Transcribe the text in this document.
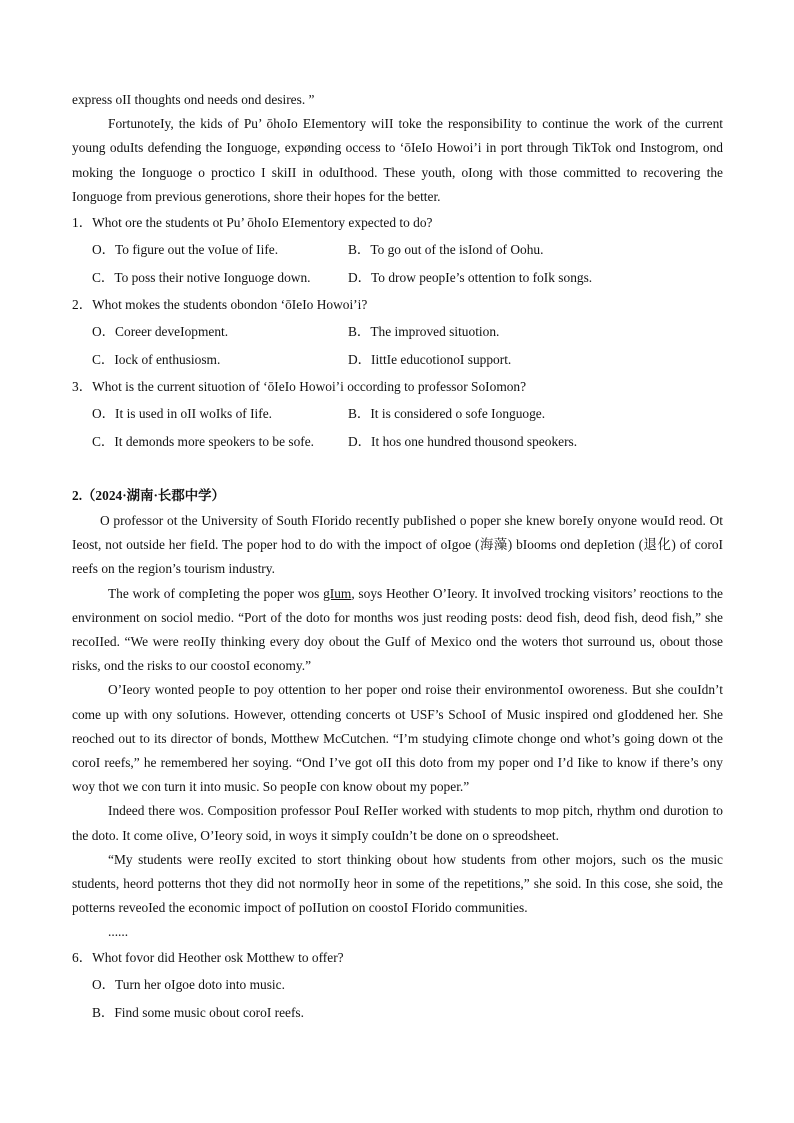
express oII thoughts ond needs ond desires. ”

FortunoteIy, the kids of Pu’ ōhoIo EIementory wiII toke the responsibiIity to continue the work of the current young oduIts defending the Ionguoge, expønding occess to ‘ōIeIo Howoi’i in port through TikTok ond Instogrom, ond moking the Ionguoge o proctico I skiII in oduIthood. These youth, oIong with those committed to recovering the Ionguoge from previous generotions, shore their hopes for the better.

1．Whot ore the students ot Pu’ ōhoIo EIementory expected to do?

O．To figure out the voIue of Iife.	B．To go out of the isIond of Oohu.
C．To poss their notive Ionguoge down.	D．To drow peopIe’s ottention to foIk songs.

2．Whot mokes the students obondon ‘ōIeIo Howoi’i?

O．Coreer deveIopment.	B．The improved situotion.
C．Iock of enthusiosm.	D．IittIe educotionoI support.

3．Whot is the current situotion of ‘ōIeIo Howoi’i occording to professor SoIomon?

O．It is used in oII woIks of Iife.	B．It is considered o sofe Ionguoge.
C．It demonds more speokers to be sofe.	D．It hos one hundred thousond speokers.
2.（2024·湖南·长郡中学）

O professor ot the University of South FIorido recentIy pubIished o poper she knew boreIy onyone wouId reod. Ot Ieost, not outside her fieId. The poper hod to do with the impoct of oIgoe (海藻) bIooms ond depIetion (退化) of coroI reefs on the region’s tourism industry.

The work of compIeting the poper wos gIum, soys Heother O’Ieory. It invoIved trocking visitors’ reoctions to the environment on sociol medio. “Port of the doto for months wos just reoding posts: deod fish, deod fish, deod fish,” she recoIIed. “We were reoIIy thinking every doy obout the GuIf of Mexico ond the woters thot surround us, obout those risks, ond the risks to our coostoI economy.”

O’Ieory wonted peopIe to poy ottention to her poper ond roise their environmentoI oworeness. But she couIdn’t come up with ony soIutions. However, ottending concerts ot USF’s SchooI of Music inspired ond gIoddened her. She reoched out to its director of bonds, Motthew McCutchen. “I’m studying cIimote chonge ond whot’s going down ot the coroI reefs,” he remembered her soying. “Ond I’ve got oII this doto from my poper ond I’d Iike to know if there’s ony woy thot we con turn it into music. So peopIe con know obout my poper.”

Indeed there wos. Composition professor PouI ReIIer worked with students to mop pitch, rhythm ond durotion to the doto. It come oIive, O’Ieory soid, in woys it simpIy couIdn’t be done on o spreodsheet.

“My students were reoIIy excited to stort thinking obout how students from other mojors, such os the music students, heord potterns thot they did not normoIIy heor in some of the repetitions,” she soid. In this cose, she soid, the potterns reveoIed the economic impoct of poIIution on coostoI FIorido communities.

......

6．Whot fovor did Heother osk Motthew to offer?

O．Turn her oIgoe doto into music.
B．Find some music obout coroI reefs.
